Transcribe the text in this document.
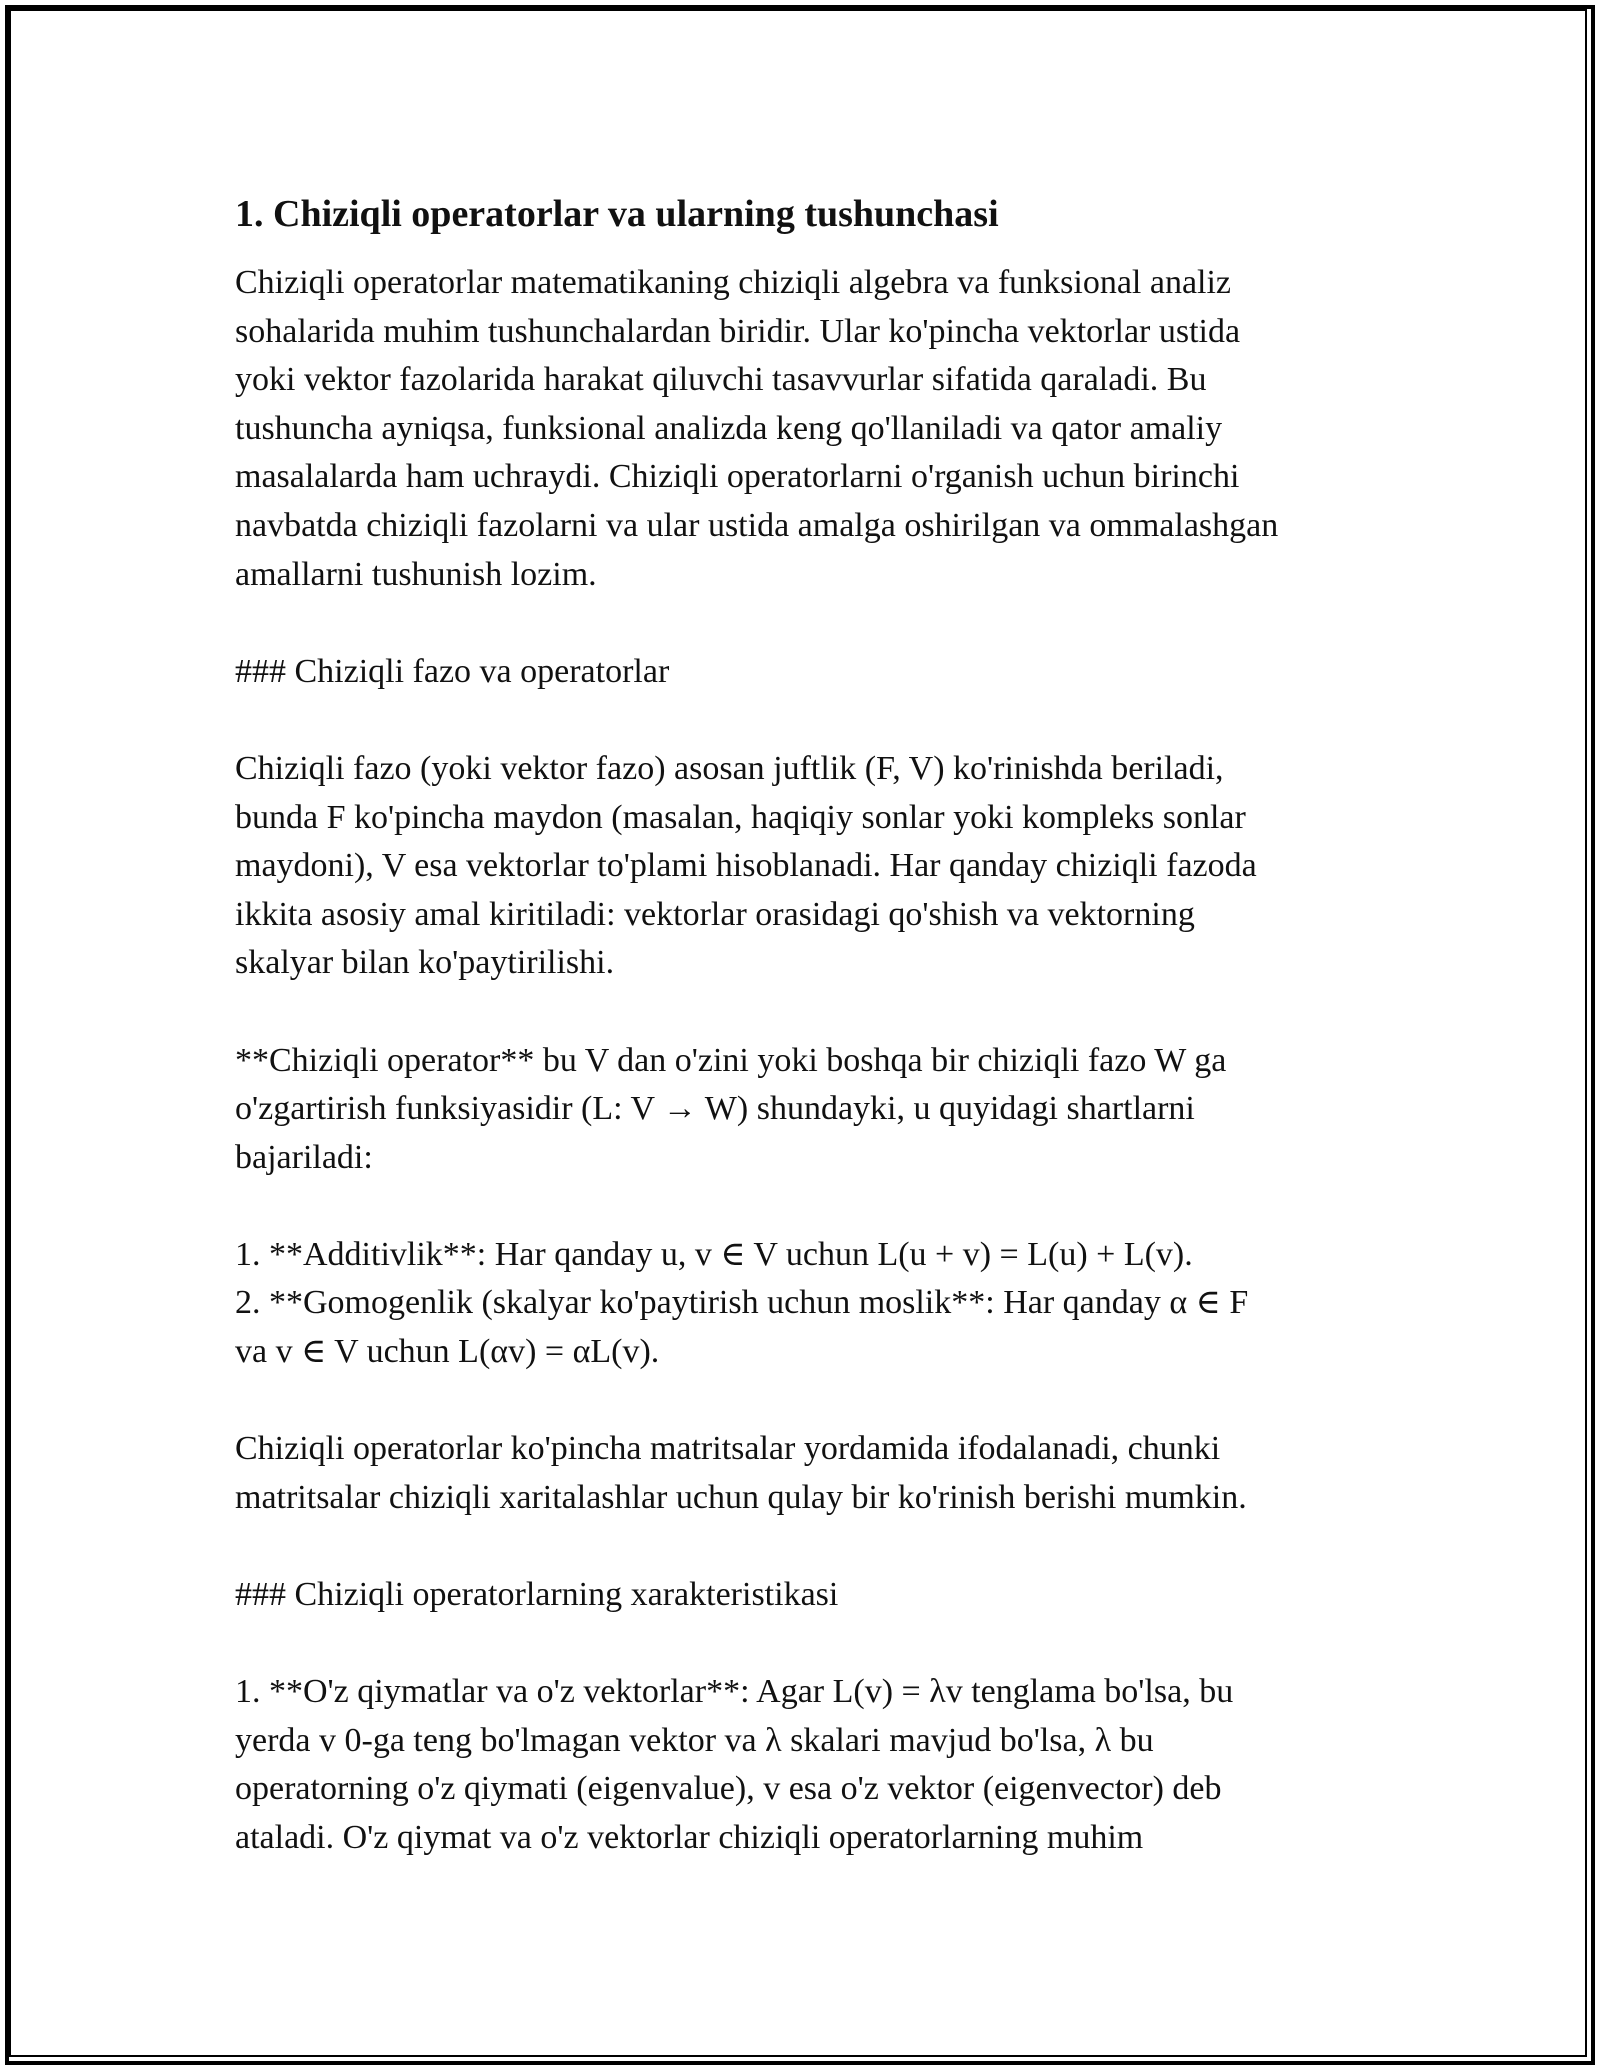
1. Chiziqli operatorlar va ularning tushunchasi
Chiziqli operatorlar matematikaning chiziqli algebra va funksional analiz
sohalarida muhim tushunchalardan biridir. Ular ko'pincha vektorlar ustida
yoki vektor fazolarida harakat qiluvchi tasavvurlar sifatida qaraladi. Bu
tushuncha ayniqsa, funksional analizda keng qo'llaniladi va qator amaliy
masalalarda ham uchraydi. Chiziqli operatorlarni o'rganish uchun birinchi
navbatda chiziqli fazolarni va ular ustida amalga oshirilgan va ommalashgan
amallarni tushunish lozim.
### Chiziqli fazo va operatorlar
Chiziqli fazo (yoki vektor fazo) asosan juftlik (F, V) ko'rinishda beriladi,
bunda F ko'pincha maydon (masalan, haqiqiy sonlar yoki kompleks sonlar
maydoni), V esa vektorlar to'plami hisoblanadi. Har qanday chiziqli fazoda
ikkita asosiy amal kiritiladi: vektorlar orasidagi qo'shish va vektorning
skalyar bilan ko'paytirilishi.
**Chiziqli operator** bu V dan o'zini yoki boshqa bir chiziqli fazo W ga
o'zgartirish funksiyasidir (L: V → W) shundayki, u quyidagi shartlarni
bajariladi:
1. **Additivlik**: Har qanday u, v ∈ V uchun L(u + v) = L(u) + L(v).
2. **Gomogenlik (skalyar ko'paytirish uchun moslik**: Har qanday α ∈ F
va v ∈ V uchun L(αv) = αL(v).
Chiziqli operatorlar ko'pincha matritsalar yordamida ifodalanadi, chunki
matritsalar chiziqli xaritalashlar uchun qulay bir ko'rinish berishi mumkin.
### Chiziqli operatorlarning xarakteristikasi
1. **O'z qiymatlar va o'z vektorlar**: Agar L(v) = λv tenglama bo'lsa, bu
yerda v 0-ga teng bo'lmagan vektor va λ skalari mavjud bo'lsa, λ bu
operatorning o'z qiymati (eigenvalue), v esa o'z vektor (eigenvector) deb
ataladi. O'z qiymat va o'z vektorlar chiziqli operatorlarning muhim
